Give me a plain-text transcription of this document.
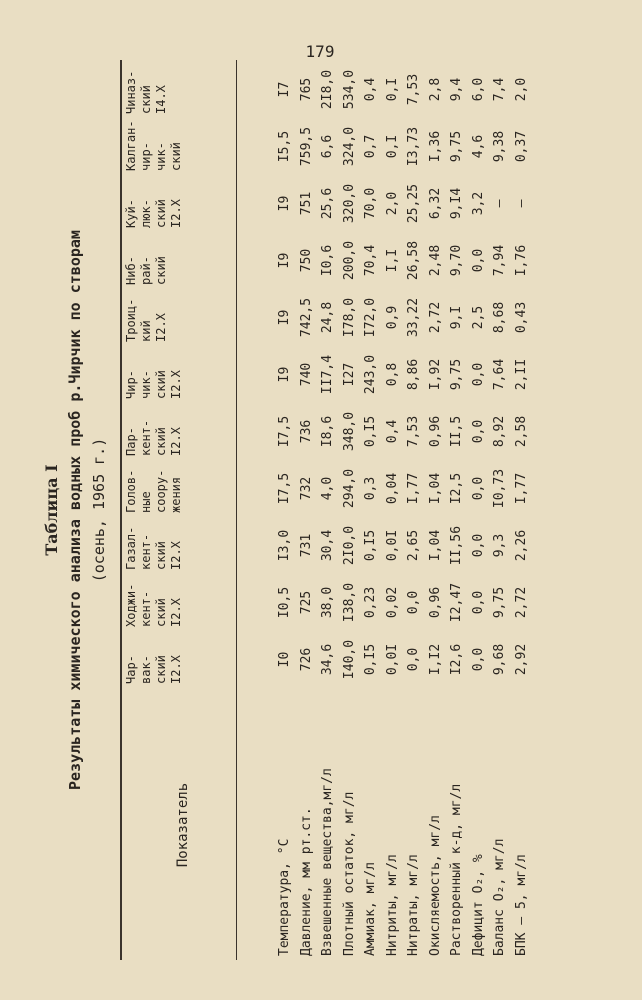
179
Таблица I Результаты химического анализа водных проб р.Чирчик по створам (осень, 1965 г.)
Показатель
Чар-
вак-
ский
I2.X
Ходжи-
кент-
ский
I2.X
Газал-
кент-
ский
I2.X
Голов-
ные
соору-
жения
Пар-
кент-
ский
I2.X
Чир-
чик-
ский
I2.X
Троиц-
кий
I2.X
Ниб-
рай-
ский
Куй-
люк-
ский
I2.X
Калган-
чир-
чик-
ский
Чиназ-
ский
I4.X
Температура, °С
I0
I0,5
I3,0
I7,5
I7,5
I9
I9
I9
I9
I5,5
I7
Давление, мм рт.ст.
726
725
731
732
736
740
742,5
750
751
759,5
765
Взвешенные вещества,мг/л
34,6
38,0
30,4
4,0
I8,6
II7,4
24,8
I0,6
25,6
6,6
2I8,0
Плотный остаток, мг/л
I40,0
I38,0
2I0,0
294,0
348,0
I27
I78,0
200,0
320,0
324,0
534,0
Аммиак, мг/л
0,I5
0,23
0,I5
0,3
0,I5
243,0
I72,0
70,4
70,0
0,7
0,4
Нитриты, мг/л
0,0I
0,02
0,0I
0,04
0,4
0,8
0,9
I,I
2,0
0,I
0,I
Нитраты, мг/л
0,0
0,0
2,65
I,77
7,53
8,86
33,22
26,58
25,25
I3,73
7,53
Окисляемость, мг/л
I,I2
0,96
I,04
I,04
0,96
I,92
2,72
2,48
6,32
I,36
2,8
Растворенный к-д, мг/л
I2,6
I2,47
II,56
I2,5
II,5
9,75
9,I
9,70
9,I4
9,75
9,4
Дефицит O₂, %
0,0
0,0
0,0
0,0
0,0
0,0
2,5
0,0
3,2
4,6
6,0
Баланс O₂, мг/л
9,68
9,75
9,3
I0,73
8,92
7,64
8,68
7,94
–
9,38
7,4
БПК – 5, мг/л
2,92
2,72
2,26
I,77
2,58
2,II
0,43
I,76
–
0,37
2,0
